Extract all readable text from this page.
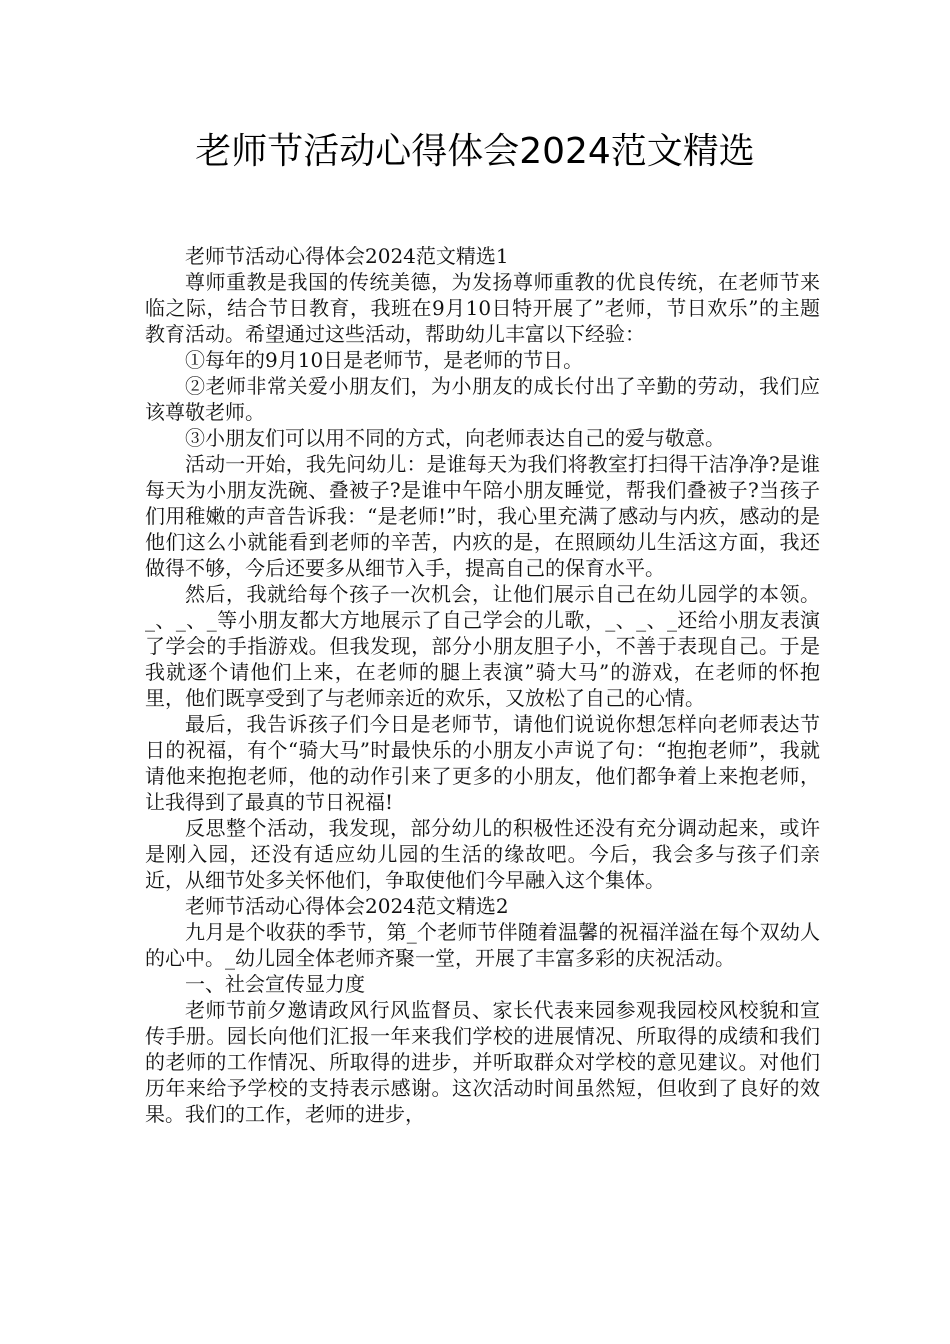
老师节活动心得体会2024范文精选

老师节活动心得体会2024范文精选1

尊师重教是我国的传统美德，为发扬尊师重教的优良传统，在老师节来临之际，结合节日教育，我班在9月10日特开展了”老师，节日欢乐”的主题教育活动。希望通过这些活动，帮助幼儿丰富以下经验：

①每年的9月10日是老师节，是老师的节日。

②老师非常关爱小朋友们，为小朋友的成长付出了辛勤的劳动，我们应该尊敬老师。

③小朋友们可以用不同的方式，向老师表达自己的爱与敬意。

活动一开始，我先问幼儿：是谁每天为我们将教室打扫得干洁净净?是谁每天为小朋友洗碗、叠被子?是谁中午陪小朋友睡觉，帮我们叠被子?当孩子们用稚嫩的声音告诉我：“是老师!”时，我心里充满了感动与内疚，感动的是他们这么小就能看到老师的辛苦，内疚的是，在照顾幼儿生活这方面，我还做得不够，今后还要多从细节入手，提高自己的保育水平。

然后，我就给每个孩子一次机会，让他们展示自己在幼儿园学的本领。_、_、_等小朋友都大方地展示了自己学会的儿歌，_、_、_还给小朋友表演了学会的手指游戏。但我发现，部分小朋友胆子小，不善于表现自己。于是我就逐个请他们上来，在老师的腿上表演”骑大马”的游戏，在老师的怀抱里，他们既享受到了与老师亲近的欢乐，又放松了自己的心情。

最后，我告诉孩子们今日是老师节，请他们说说你想怎样向老师表达节日的祝福，有个“骑大马”时最快乐的小朋友小声说了句：“抱抱老师”，我就请他来抱抱老师，他的动作引来了更多的小朋友，他们都争着上来抱老师，让我得到了最真的节日祝福!

反思整个活动，我发现，部分幼儿的积极性还没有充分调动起来，或许是刚入园，还没有适应幼儿园的生活的缘故吧。今后，我会多与孩子们亲近，从细节处多关怀他们，争取使他们今早融入这个集体。

老师节活动心得体会2024范文精选2

九月是个收获的季节，第_个老师节伴随着温馨的祝福洋溢在每个双幼人的心中。_幼儿园全体老师齐聚一堂，开展了丰富多彩的庆祝活动。

一、社会宣传显力度

老师节前夕邀请政风行风监督员、家长代表来园参观我园校风校貌和宣传手册。园长向他们汇报一年来我们学校的进展情况、所取得的成绩和我们的老师的工作情况、所取得的进步，并听取群众对学校的意见建议。对他们历年来给予学校的支持表示感谢。这次活动时间虽然短，但收到了良好的效果。我们的工作，老师的进步，
